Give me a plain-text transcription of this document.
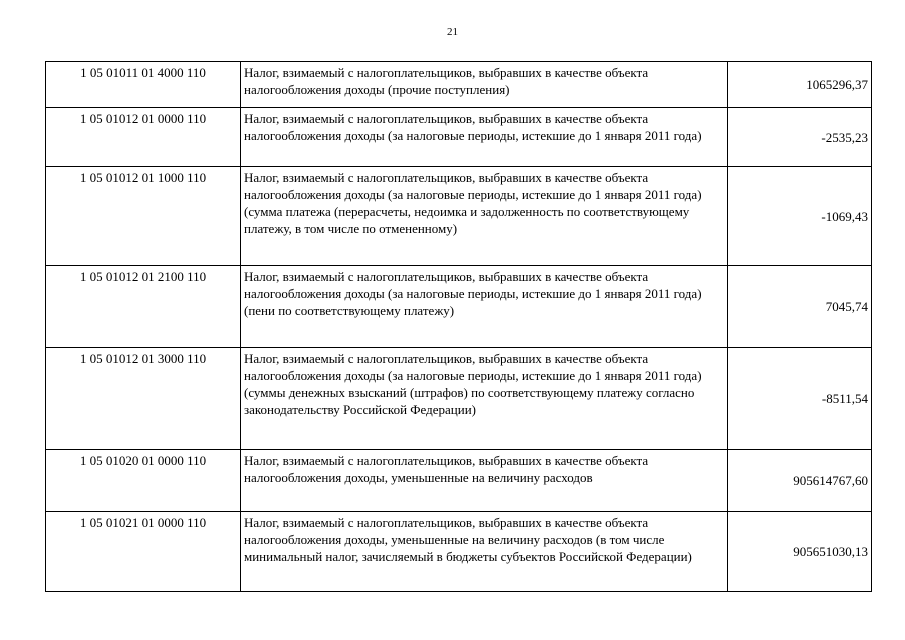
21
1 05 01011 01 4000 110	Налог, взимаемый с налогоплательщиков, выбравших в качестве объекта налогообложения доходы (прочие поступления)	1065296,37
1 05 01012 01 0000 110	Налог, взимаемый с налогоплательщиков, выбравших в качестве объекта налогообложения доходы (за налоговые периоды, истекшие до 1 января 2011 года)	-2535,23
1 05 01012 01 1000 110	Налог, взимаемый с налогоплательщиков, выбравших в качестве объекта налогообложения доходы (за налоговые периоды, истекшие до 1 января 2011 года) (сумма платежа (перерасчеты, недоимка и задолженность по соответствующему платежу, в том числе по отмененному)	-1069,43
1 05 01012 01 2100 110	Налог, взимаемый с налогоплательщиков, выбравших в качестве объекта налогообложения доходы (за налоговые периоды, истекшие до 1 января 2011 года) (пени по соответствующему платежу)	7045,74
1 05 01012 01 3000 110	Налог, взимаемый с налогоплательщиков, выбравших в качестве объекта налогообложения доходы (за налоговые периоды, истекшие до 1 января 2011 года) (суммы денежных взысканий (штрафов) по соответствующему платежу согласно законодательству Российской Федерации)	-8511,54
1 05 01020 01 0000 110	Налог, взимаемый с налогоплательщиков, выбравших в качестве объекта налогообложения доходы, уменьшенные на величину расходов	905614767,60
1 05 01021 01 0000 110	Налог, взимаемый с налогоплательщиков, выбравших в качестве объекта налогообложения доходы, уменьшенные на величину расходов (в том числе минимальный налог, зачисляемый в бюджеты субъектов Российской Федерации)	905651030,13
